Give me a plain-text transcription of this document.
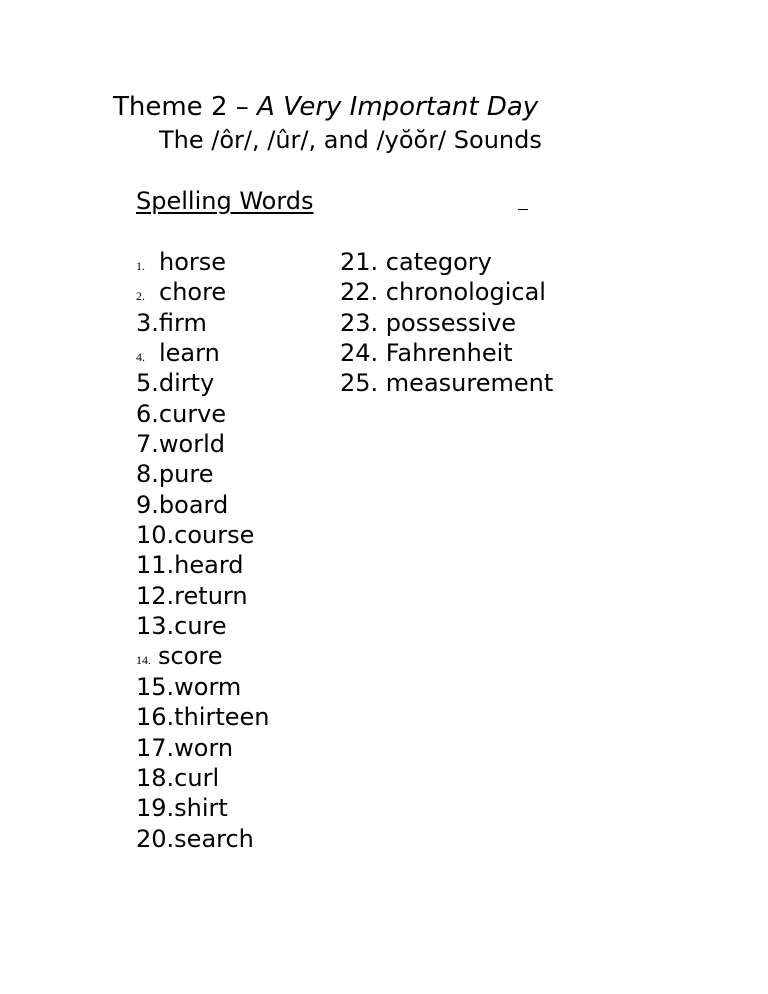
Theme 2 – A Very Important Day
The /ôr/, /ûr/, and /yŏŏr/ Sounds
Spelling Words
1. horse
2. chore
3.firm
4. learn
5.dirty
6.curve
7.world
8.pure
9.board
10.course
11.heard
12.return
13.cure
14. score
15.worm
16.thirteen
17.worn
18.curl
19.shirt
20.search
21. category
22. chronological
23. possessive
24. Fahrenheit
25. measurement
